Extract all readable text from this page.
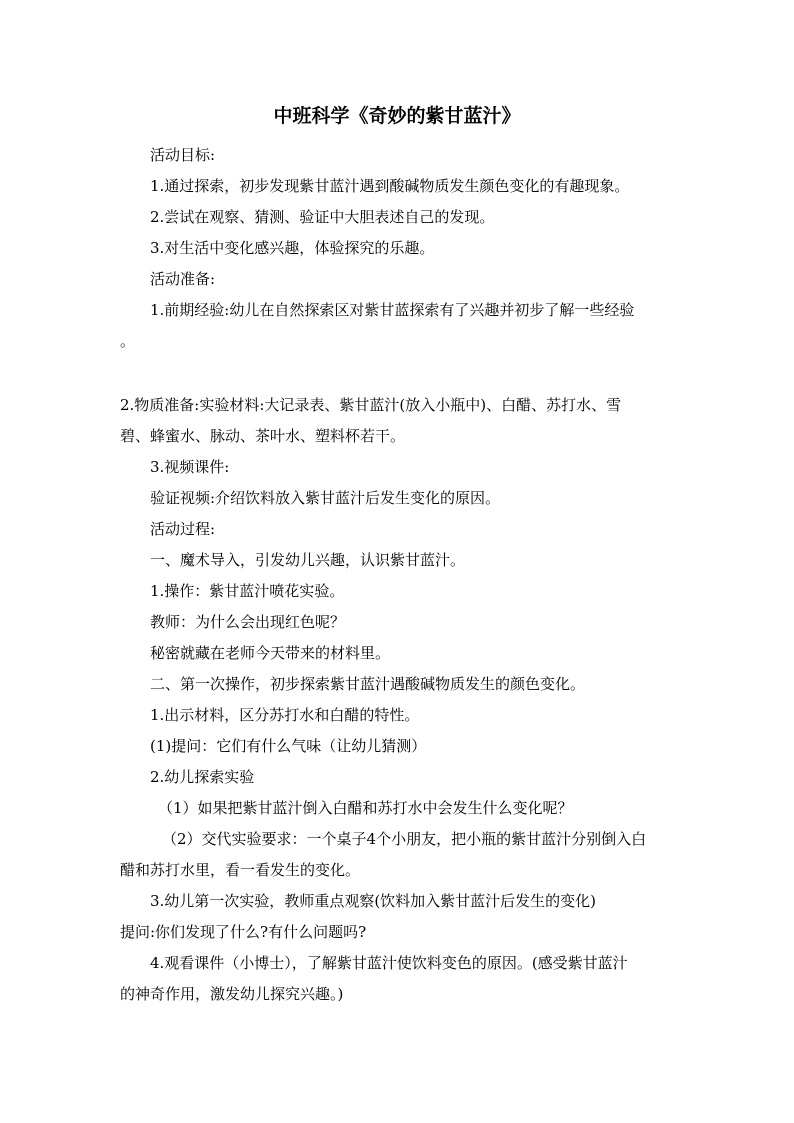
中班科学《奇妙的紫甘蓝汁》
活动目标:
1.通过探索，初步发现紫甘蓝汁遇到酸碱物质发生颜色变化的有趣现象。
2.尝试在观察、猜测、验证中大胆表述自己的发现。
3.对生活中变化感兴趣，体验探究的乐趣。
活动准备:
1.前期经验:幼儿在自然探索区对紫甘蓝探索有了兴趣并初步了解一些经验
。
2.物质准备:实验材料:大记录表、紫甘蓝汁(放入小瓶中)、白醋、苏打水、雪
碧、蜂蜜水、脉动、茶叶水、塑料杯若干。
3.视频课件:
验证视频:介绍饮料放入紫甘蓝汁后发生变化的原因。
活动过程:
一、魔术导入，引发幼儿兴趣，认识紫甘蓝汁。
1.操作：紫甘蓝汁喷花实验。
教师：为什么会出现红色呢？
秘密就藏在老师今天带来的材料里。
二、第一次操作，初步探索紫甘蓝汁遇酸碱物质发生的颜色变化。
1.出示材料，区分苏打水和白醋的特性。
(1)提问：它们有什么气味（让幼儿猜测）
2.幼儿探索实验
（1）如果把紫甘蓝汁倒入白醋和苏打水中会发生什么变化呢？
（2）交代实验要求：一个桌子4个小朋友，把小瓶的紫甘蓝汁分别倒入白
醋和苏打水里，看一看发生的变化。
3.幼儿第一次实验，教师重点观察(饮料加入紫甘蓝汁后发生的变化)
提问:你们发现了什么?有什么问题吗?
4.观看课件（小博士），了解紫甘蓝汁使饮料变色的原因。(感受紫甘蓝汁
的神奇作用，激发幼儿探究兴趣。)
